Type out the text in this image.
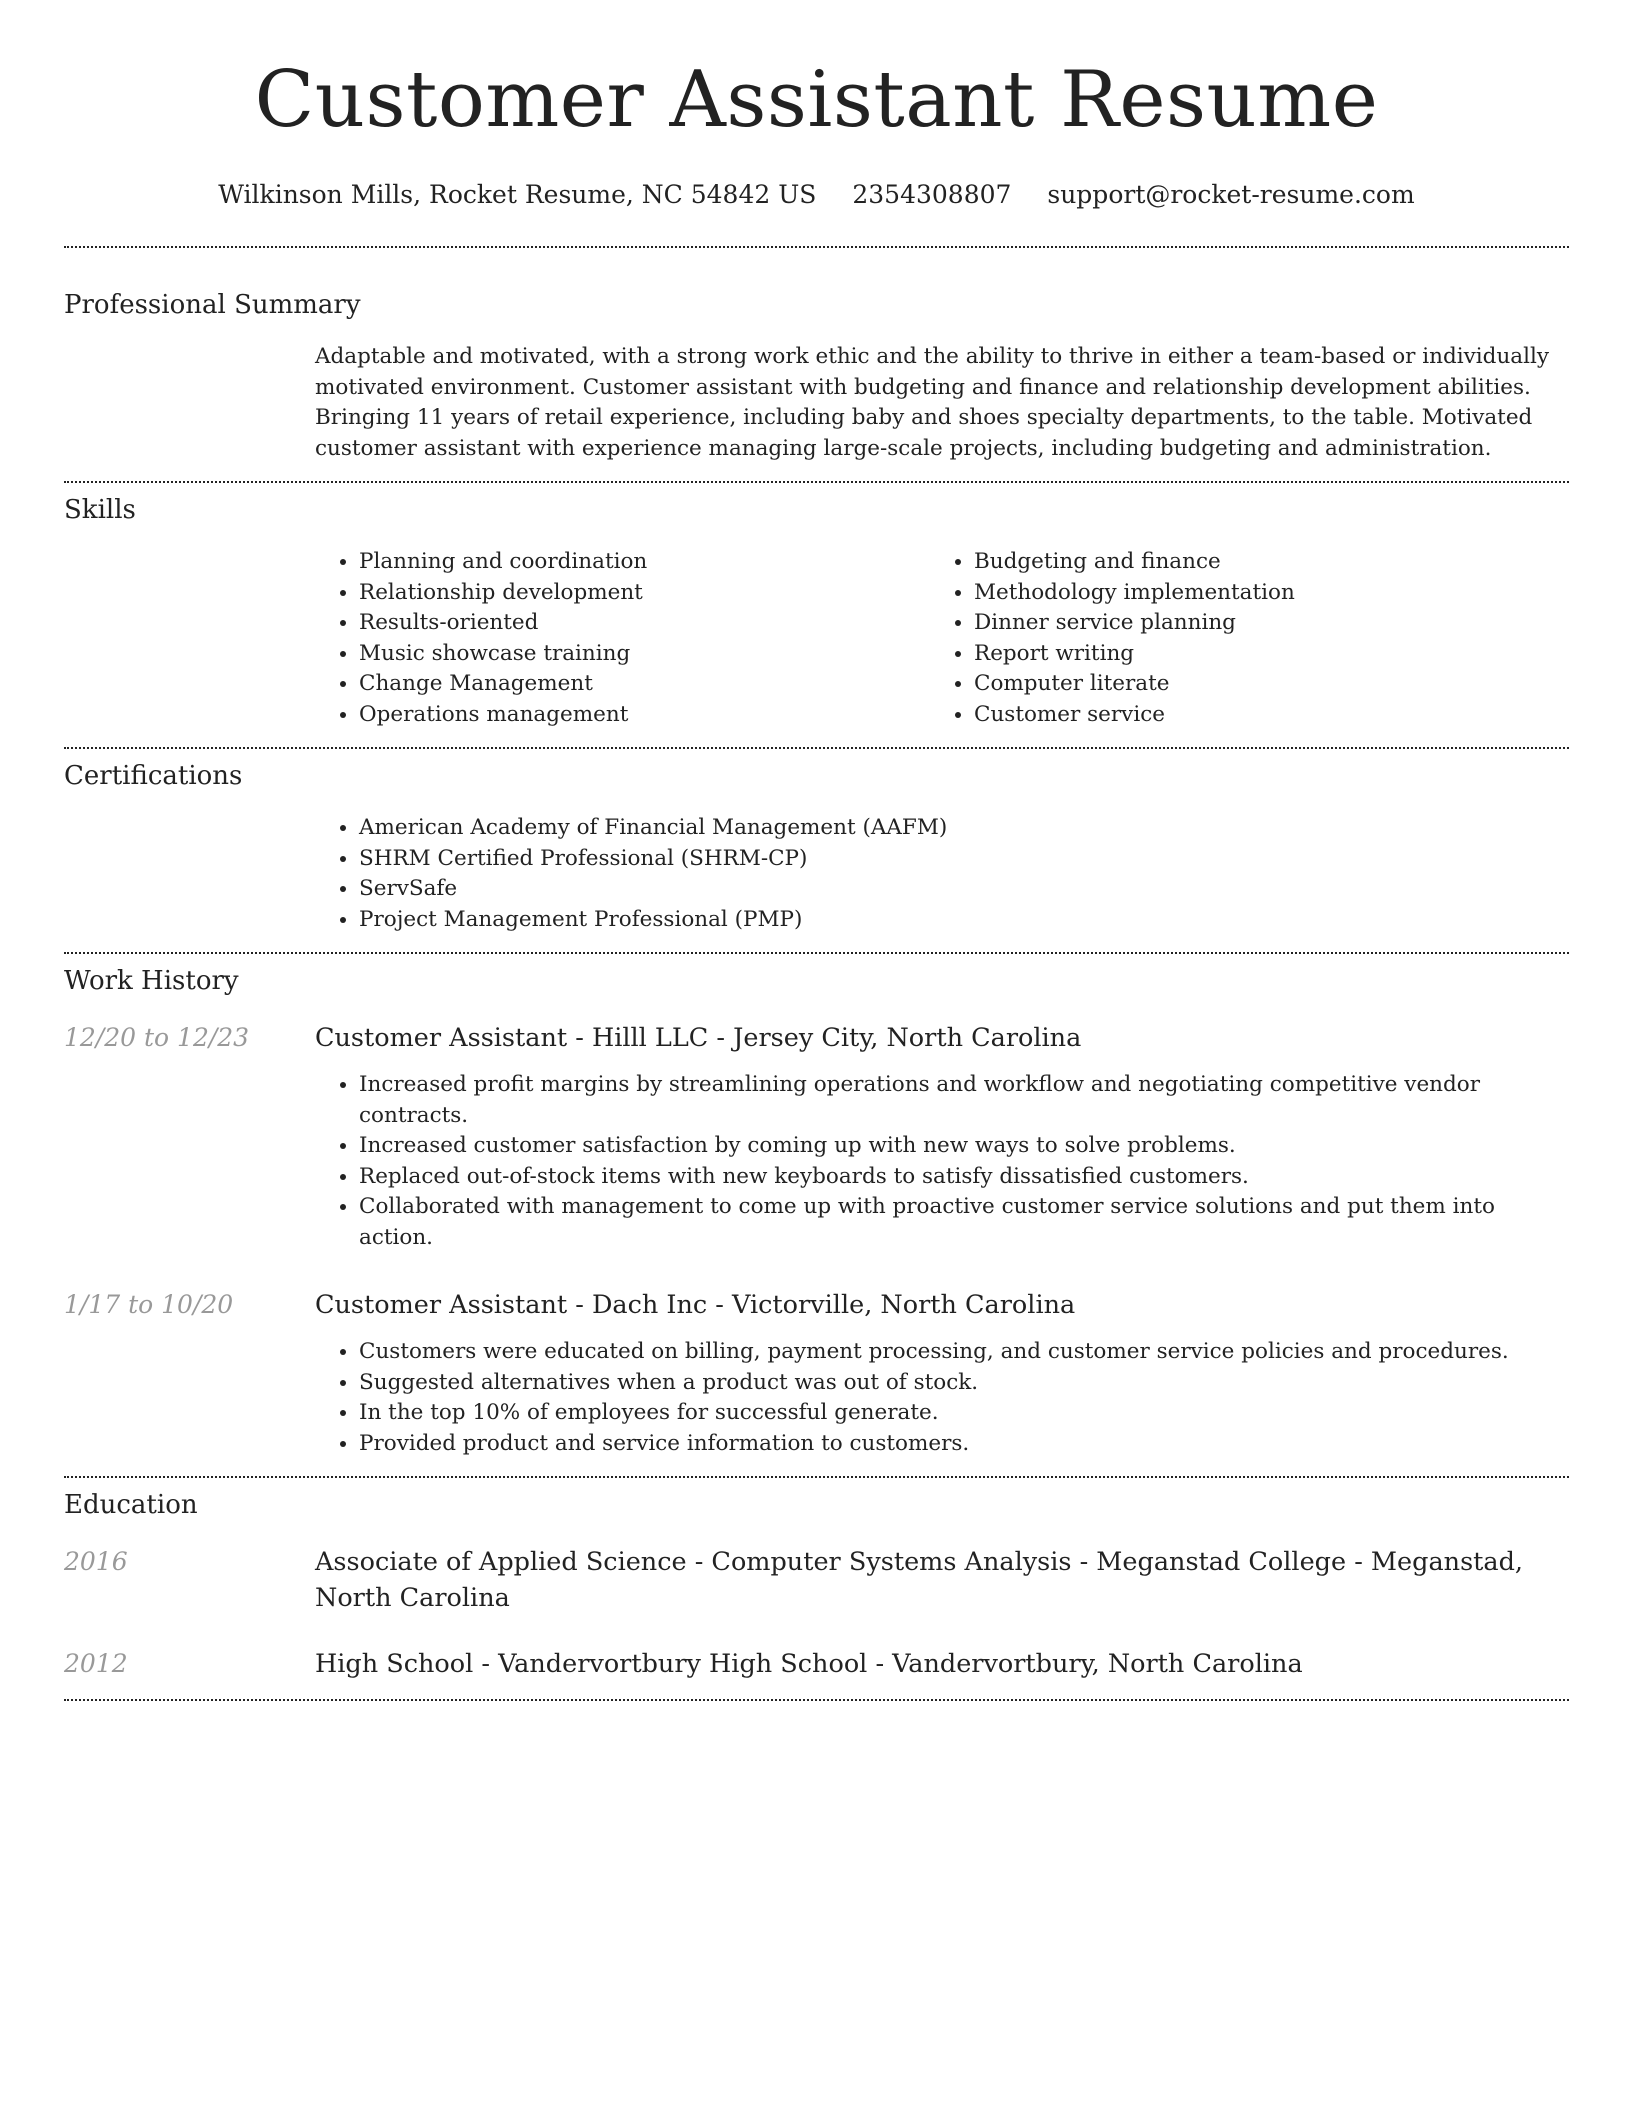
Customer Assistant Resume
Wilkinson Mills, Rocket Resume, NC 54842 US 2354308807 support@rocket-resume.com
Professional Summary
Adaptable and motivated, with a strong work ethic and the ability to thrive in either a team-based or individually motivated environment. Customer assistant with budgeting and finance and relationship development abilities. Bringing 11 years of retail experience, including baby and shoes specialty departments, to the table. Motivated customer assistant with experience managing large-scale projects, including budgeting and administration.
Skills
• Planning and coordination
• Relationship development
• Results-oriented
• Music showcase training
• Change Management
• Operations management
• Budgeting and finance
• Methodology implementation
• Dinner service planning
• Report writing
• Computer literate
• Customer service
Certifications
• American Academy of Financial Management (AAFM)
• SHRM Certified Professional (SHRM-CP)
• ServSafe
• Project Management Professional (PMP)
Work History
12/20 to 12/23	Customer Assistant - Hilll LLC - Jersey City, North Carolina
• Increased profit margins by streamlining operations and workflow and negotiating competitive vendor contracts.
• Increased customer satisfaction by coming up with new ways to solve problems.
• Replaced out-of-stock items with new keyboards to satisfy dissatisfied customers.
• Collaborated with management to come up with proactive customer service solutions and put them into action.
1/17 to 10/20	Customer Assistant - Dach Inc - Victorville, North Carolina
• Customers were educated on billing, payment processing, and customer service policies and procedures.
• Suggested alternatives when a product was out of stock.
• In the top 10% of employees for successful generate.
• Provided product and service information to customers.
Education
2016	Associate of Applied Science - Computer Systems Analysis - Meganstad College - Meganstad, North Carolina
2012	High School - Vandervortbury High School - Vandervortbury, North Carolina
